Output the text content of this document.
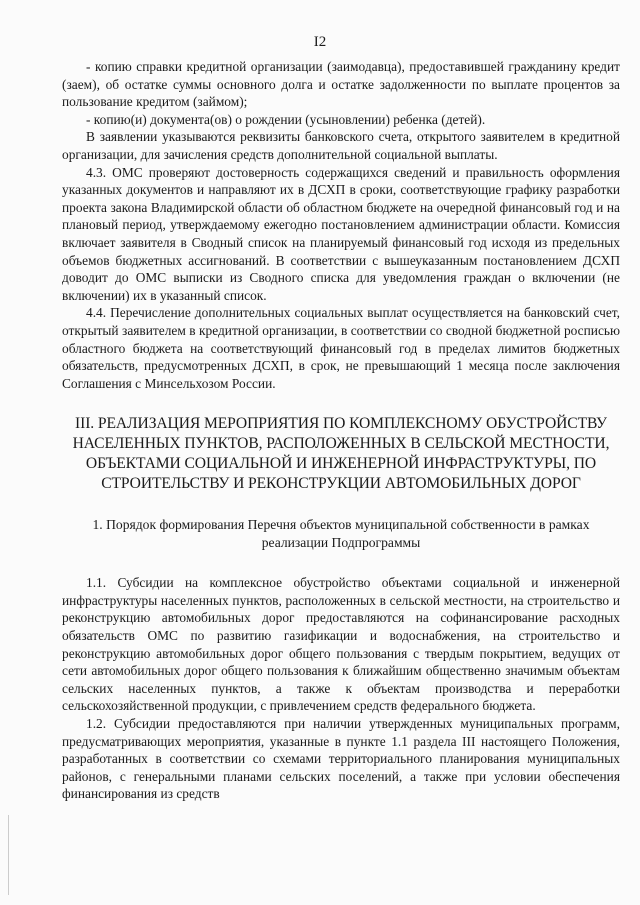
I2

- копию справки кредитной организации (заимодавца), предоставившей гражданину кредит (заем), об остатке суммы основного долга и остатке задолженности по выплате процентов за пользование кредитом (займом);

- копию(и) документа(ов) о рождении (усыновлении) ребенка (детей).

В заявлении указываются реквизиты банковского счета, открытого заявителем в кредитной организации, для зачисления средств дополнительной социальной выплаты.

4.3. ОМС проверяют достоверность содержащихся сведений и правильность оформления указанных документов и направляют их в ДСХП в сроки, соответствующие графику разработки проекта закона Владимирской области об областном бюджете на очередной финансовый год и на плановый период, утверждаемому ежегодно постановлением администрации области. Комиссия включает заявителя в Сводный список на планируемый финансовый год исходя из предельных объемов бюджетных ассигнований. В соответствии с вышеуказанным постановлением ДСХП доводит до ОМС выписки из Сводного списка для уведомления граждан о включении (не включении) их в указанный список.

4.4. Перечисление дополнительных социальных выплат осуществляется на банковский счет, открытый заявителем в кредитной организации, в соответствии со сводной бюджетной росписью областного бюджета на соответствующий финансовый год в пределах лимитов бюджетных обязательств, предусмотренных ДСХП, в срок, не превышающий 1 месяца после заключения Соглашения с Минсельхозом России.

III. РЕАЛИЗАЦИЯ МЕРОПРИЯТИЯ ПО КОМПЛЕКСНОМУ ОБУСТРОЙСТВУ НАСЕЛЕННЫХ ПУНКТОВ, РАСПОЛОЖЕННЫХ В СЕЛЬСКОЙ МЕСТНОСТИ, ОБЪЕКТАМИ СОЦИАЛЬНОЙ И ИНЖЕНЕРНОЙ ИНФРАСТРУКТУРЫ, ПО СТРОИТЕЛЬСТВУ И РЕКОНСТРУКЦИИ АВТОМОБИЛЬНЫХ ДОРОГ
1. Порядок формирования Перечня объектов муниципальной собственности в рамках реализации Подпрограммы

1.1. Субсидии на комплексное обустройство объектами социальной и инженерной инфраструктуры населенных пунктов, расположенных в сельской местности, на строительство и реконструкцию автомобильных дорог предоставляются на софинансирование расходных обязательств ОМС по развитию газификации и водоснабжения, на строительство и реконструкцию автомобильных дорог общего пользования с твердым покрытием, ведущих от сети автомобильных дорог общего пользования к ближайшим общественно значимым объектам сельских населенных пунктов, а также к объектам производства и переработки сельскохозяйственной продукции, с привлечением средств федерального бюджета.

1.2. Субсидии предоставляются при наличии утвержденных муниципальных программ, предусматривающих мероприятия, указанные в пункте 1.1 раздела III настоящего Положения, разработанных в соответствии со схемами территориального планирования муниципальных районов, с генеральными планами сельских поселений, а также при условии обеспечения финансирования из средств
